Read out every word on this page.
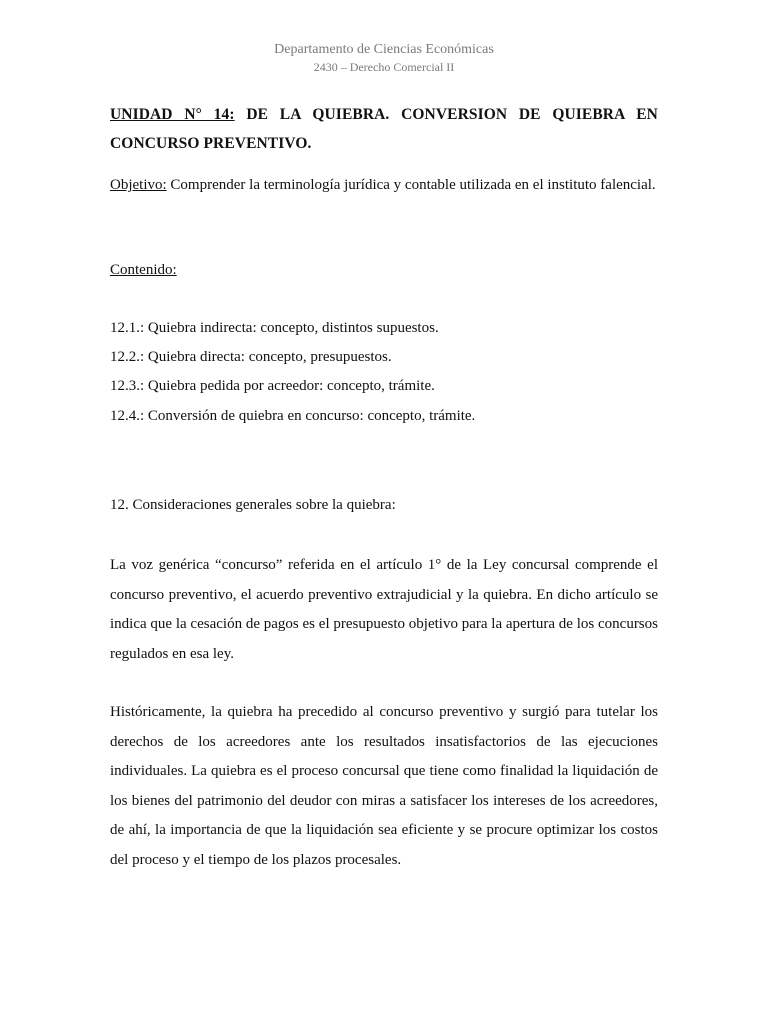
Departamento de Ciencias Económicas
2430 – Derecho Comercial II
UNIDAD N° 14: DE LA QUIEBRA. CONVERSION DE QUIEBRA EN CONCURSO PREVENTIVO.
Objetivo: Comprender la terminología jurídica y contable utilizada en el instituto falencial.
Contenido:
12.1.: Quiebra indirecta: concepto, distintos supuestos.
12.2.: Quiebra directa: concepto, presupuestos.
12.3.: Quiebra pedida por acreedor: concepto, trámite.
12.4.: Conversión de quiebra en concurso: concepto, trámite.
12. Consideraciones generales sobre la quiebra:
La voz genérica “concurso” referida en el artículo 1° de la Ley concursal comprende el concurso preventivo, el acuerdo preventivo extrajudicial y la quiebra. En dicho artículo se indica que la cesación de pagos es el presupuesto objetivo para la apertura de los concursos regulados en esa ley.
Históricamente, la quiebra ha precedido al concurso preventivo y surgió para tutelar los derechos de los acreedores ante los resultados insatisfactorios de las ejecuciones individuales. La quiebra es el proceso concursal que tiene como finalidad la liquidación de los bienes del patrimonio del deudor con miras a satisfacer los intereses de los acreedores, de ahí, la importancia de que la liquidación sea eficiente y se procure optimizar los costos del proceso y el tiempo de los plazos procesales.
